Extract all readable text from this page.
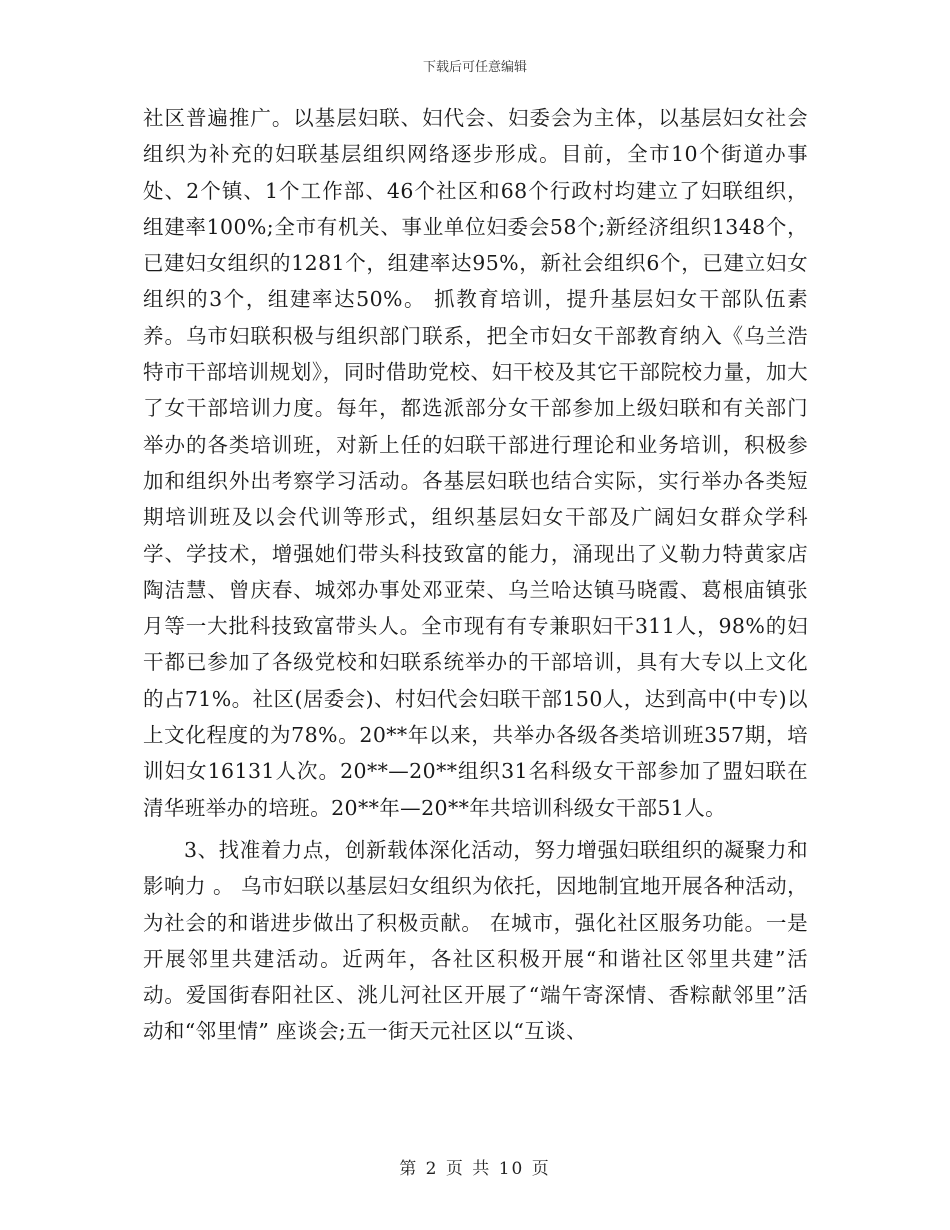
下载后可任意编辑

社区普遍推广。以基层妇联、妇代会、妇委会为主体，以基层妇女社会组织为补充的妇联基层组织网络逐步形成。目前，全市10个街道办事处、2个镇、1个工作部、46个社区和68个行政村均建立了妇联组织，组建率100%;全市有机关、事业单位妇委会58个;新经济组织1348个，已建妇女组织的1281个，组建率达95%，新社会组织6个，已建立妇女组织的3个，组建率达50%。 抓教育培训，提升基层妇女干部队伍素养。乌市妇联积极与组织部门联系，把全市妇女干部教育纳入《乌兰浩特市干部培训规划》，同时借助党校、妇干校及其它干部院校力量，加大了女干部培训力度。每年，都选派部分女干部参加上级妇联和有关部门举办的各类培训班，对新上任的妇联干部进行理论和业务培训，积极参加和组织外出考察学习活动。各基层妇联也结合实际，实行举办各类短期培训班及以会代训等形式，组织基层妇女干部及广阔妇女群众学科学、学技术，增强她们带头科技致富的能力，涌现出了义勒力特黄家店陶洁慧、曾庆春、城郊办事处邓亚荣、乌兰哈达镇马晓霞、葛根庙镇张月等一大批科技致富带头人。全市现有有专兼职妇干311人，98%的妇干都已参加了各级党校和妇联系统举办的干部培训，具有大专以上文化的占71%。社区(居委会)、村妇代会妇联干部150人，达到高中(中专)以上文化程度的为78%。20**年以来，共举办各级各类培训班357期，培训妇女16131人次。20**—20**组织31名科级女干部参加了盟妇联在清华班举办的培班。20**年—20**年共培训科级女干部51人。

3、找准着力点，创新载体深化活动，努力增强妇联组织的凝聚力和影响力 。 乌市妇联以基层妇女组织为依托，因地制宜地开展各种活动，为社会的和谐进步做出了积极贡献。 在城市，强化社区服务功能。一是开展邻里共建活动。近两年，各社区积极开展“和谐社区邻里共建”活动。爱国街春阳社区、洮儿河社区开展了“端午寄深情、香粽献邻里”活动和“邻里情” 座谈会;五一街天元社区以“互谈、

第 2 页 共 10 页
